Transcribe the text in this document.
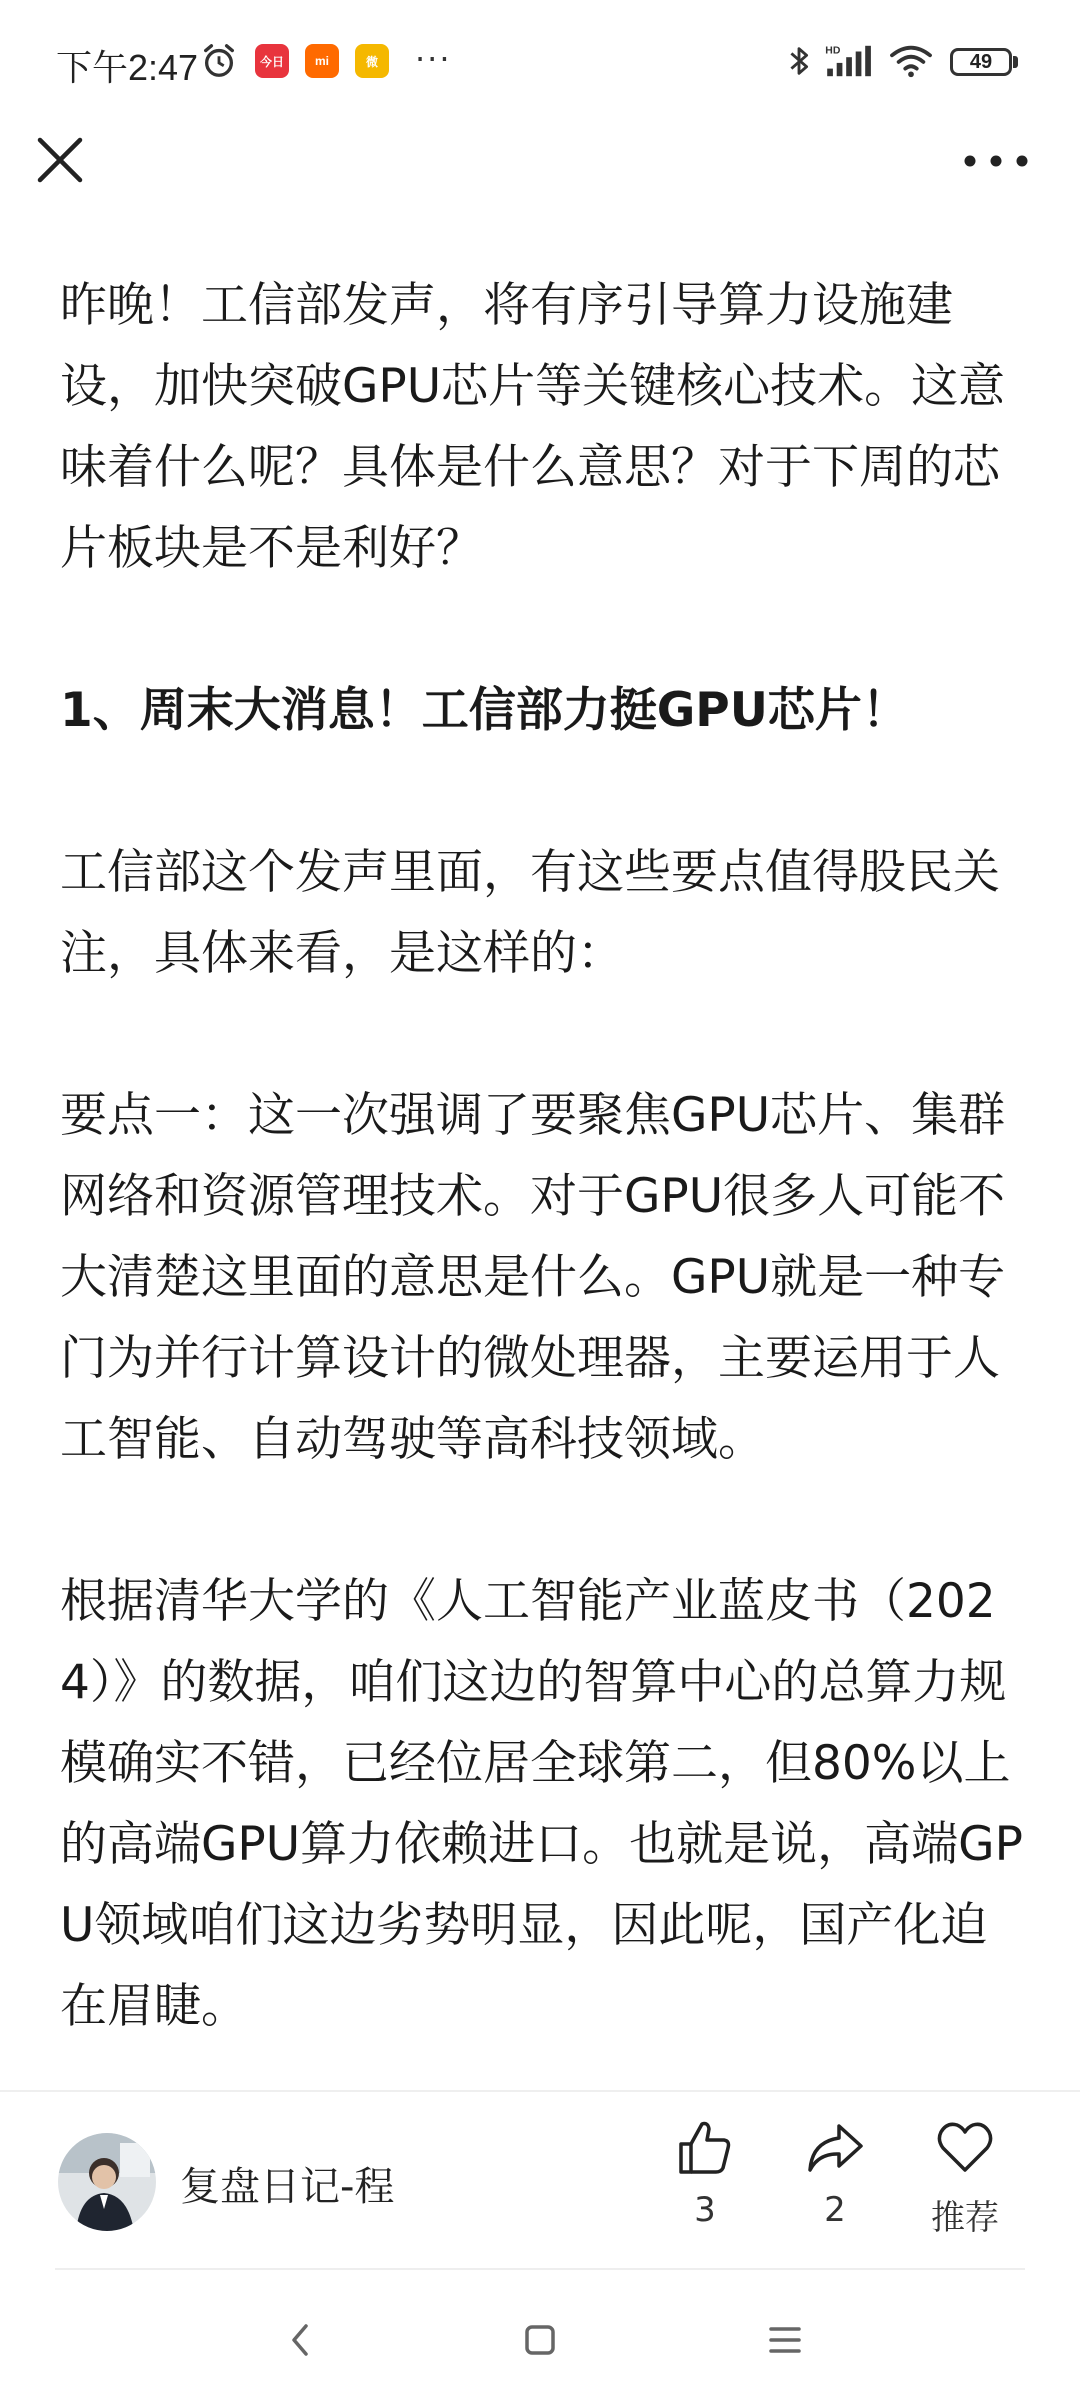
下午2:47	今日	mi	微	···	HD	49

昨晚！工信部发声，将有序引导算力设施建设，加快突破GPU芯片等关键核心技术。这意味着什么呢？具体是什么意思？对于下周的芯片板块是不是利好？

1、周末大消息！工信部力挺GPU芯片！

工信部这个发声里面，有这些要点值得股民关注，具体来看，是这样的：

要点一：这一次强调了要聚焦GPU芯片、集群网络和资源管理技术。对于GPU很多人可能不大清楚这里面的意思是什么。GPU就是一种专门为并行计算设计的微处理器，主要运用于人工智能、自动驾驶等高科技领域。

根据清华大学的《人工智能产业蓝皮书（2024）》的数据，咱们这边的智算中心的总算力规模确实不错，已经位居全球第二，但80%以上的高端GPU算力依赖进口。也就是说，高端GPU领域咱们这边劣势明显，因此呢，国产化迫在眉睫。

复盘日记-程	3	2	推荐
